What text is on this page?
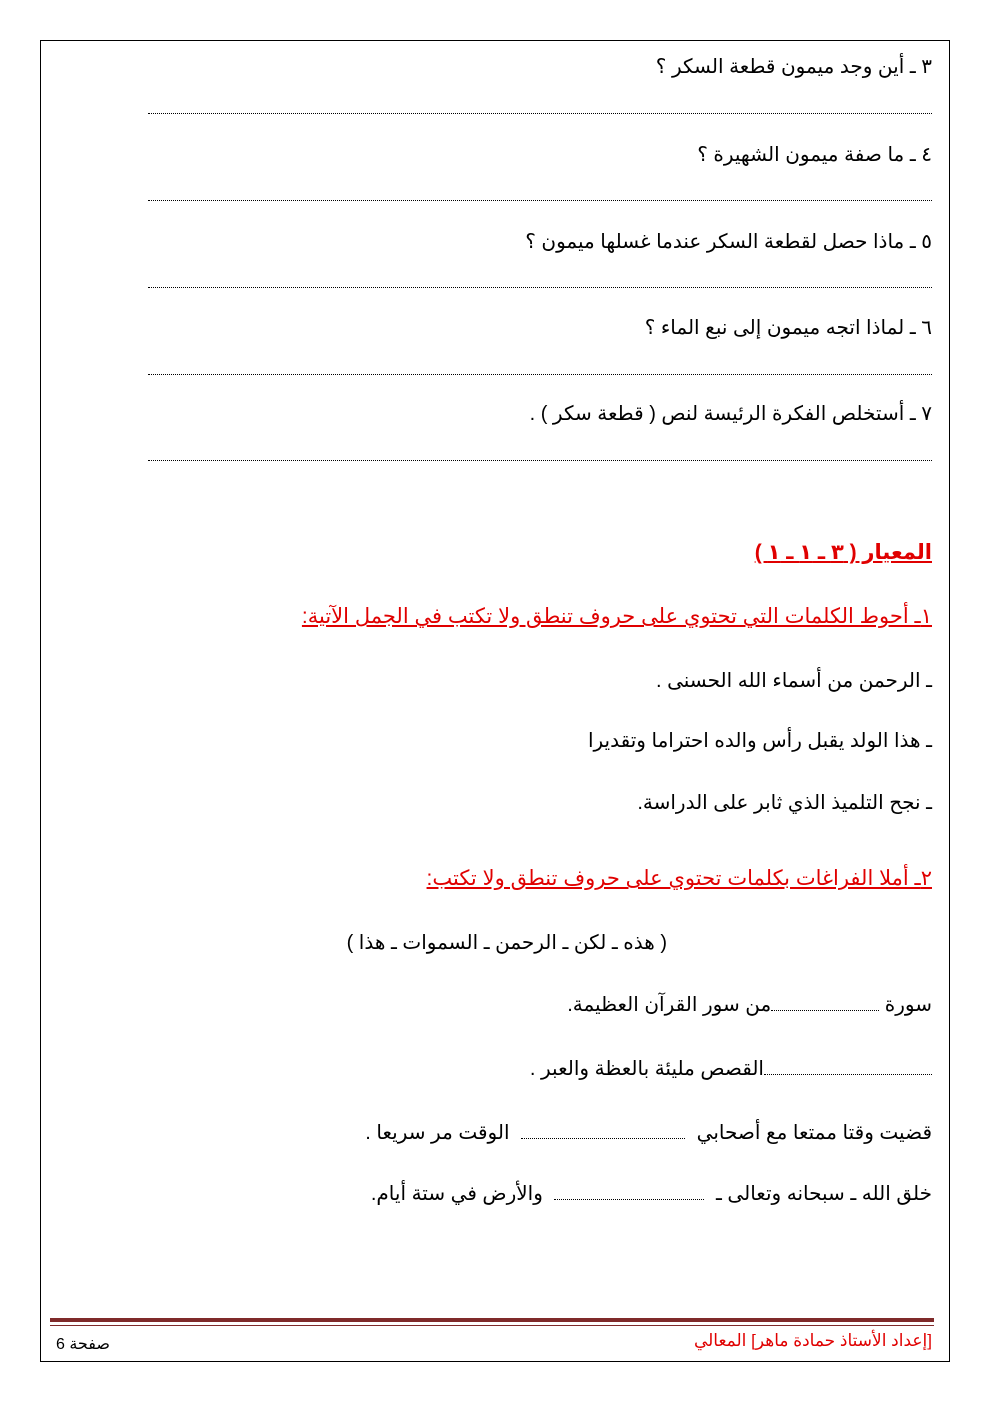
٣ ـ أين وجد ميمون قطعة السكر ؟
٤ ـ ما صفة ميمون الشهيرة ؟
٥ ـ ماذا حصل لقطعة السكر عندما غسلها ميمون ؟
٦ ـ لماذا اتجه ميمون إلى نبع الماء ؟
٧ ـ أستخلص الفكرة الرئيسة لنص ( قطعة سكر ) .
المعيار ( ٣ ـ ١ ـ ١ )
١ـ أحوط الكلمات التي تحتوي على حروف تنطق ولا تكتب في الجمل الآتية:
ـ الرحمن من أسماء الله الحسنى .
ـ هذا الولد يقبل رأس والده احتراما وتقديرا
ـ نجح التلميذ الذي ثابر على الدراسة.
٢ـ أملا الفراغات بكلمات تحتوي على حروف تنطق ولا تكتب:
( هذه ـ لكن ـ الرحمن ـ السموات ـ هذا )
سورة من سور القرآن العظيمة.
القصص مليئة بالعظة والعبر .
قضيت وقتا ممتعا مع أصحابي  الوقت مر سريعا .
خلق الله ـ سبحانه وتعالى ـ  والأرض في ستة أيام.
صفحة 6	[إعداد الأستاذ حمادة ماهر] المعالي
